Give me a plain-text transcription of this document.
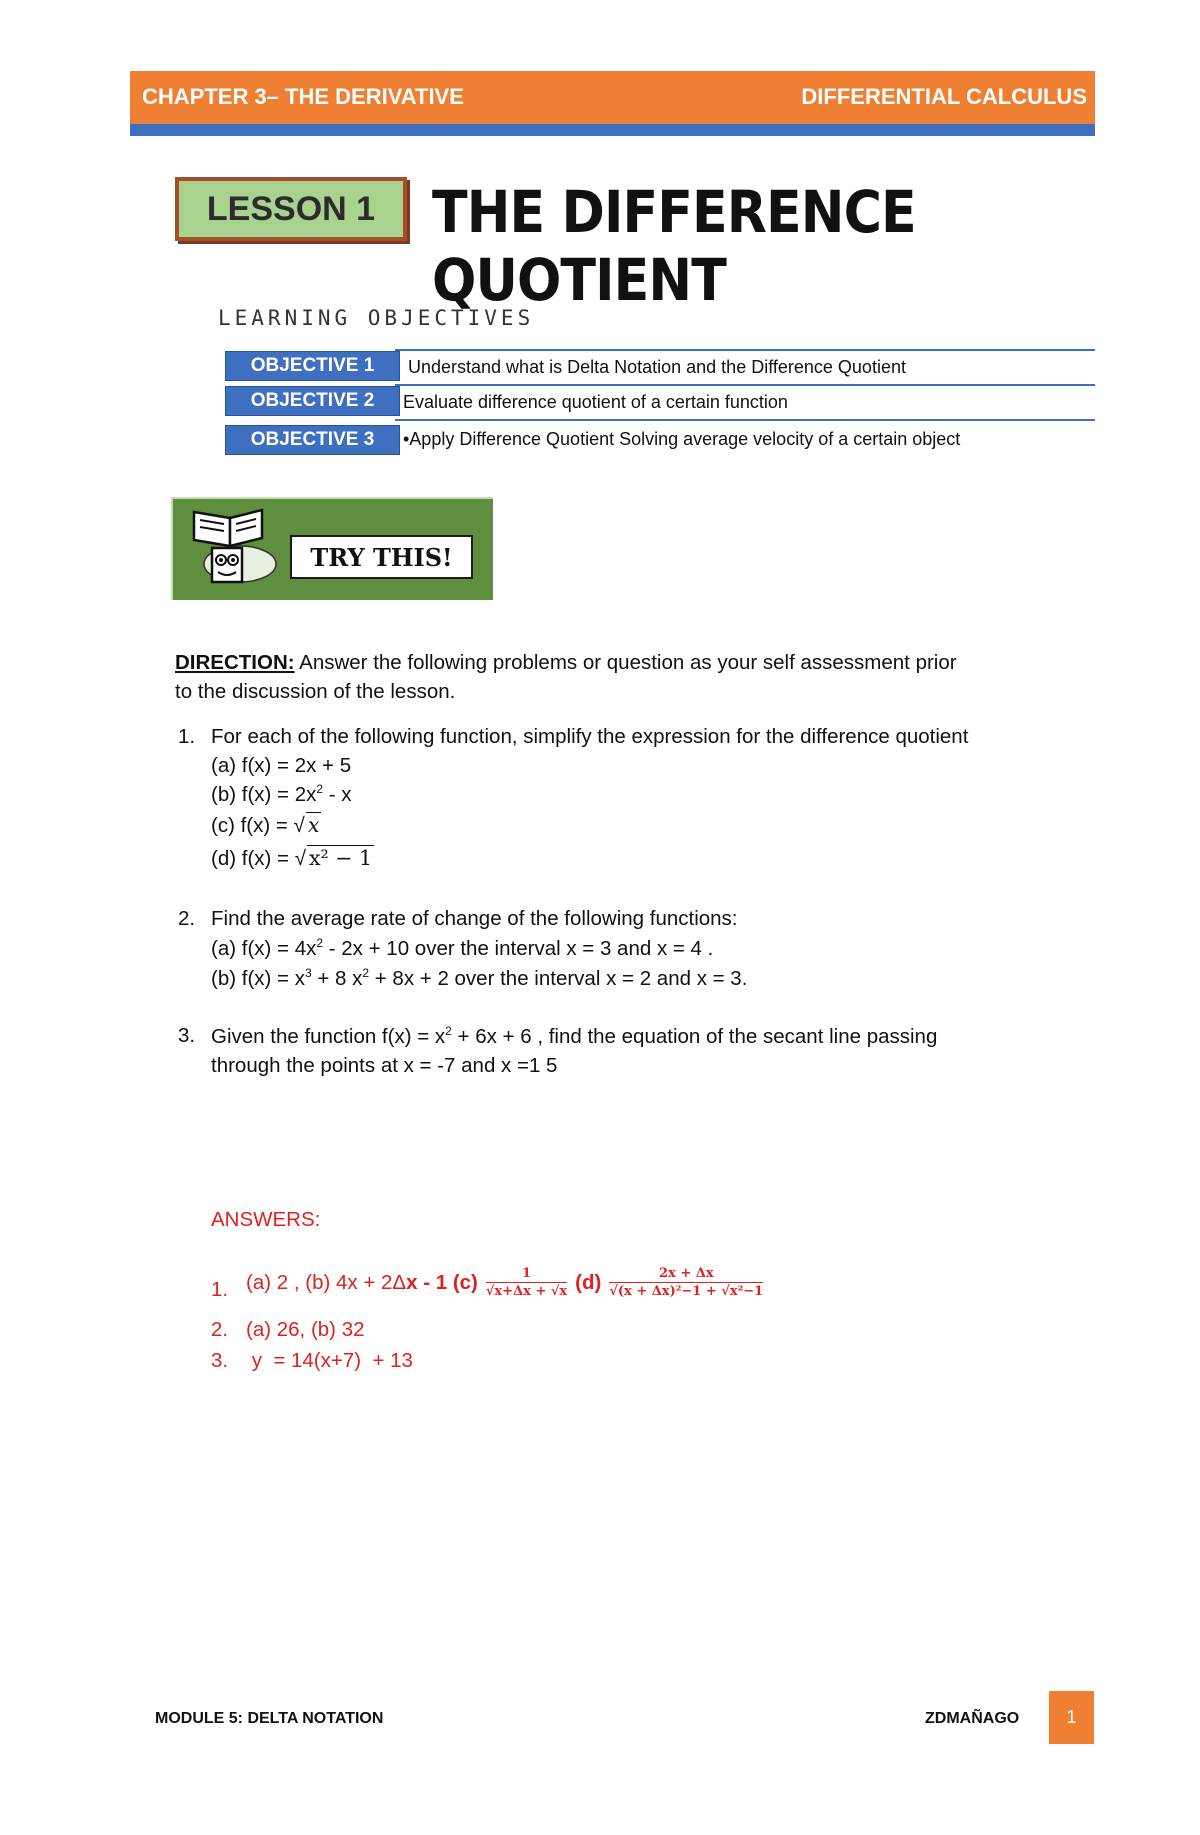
CHAPTER 3– THE DERIVATIVE	DIFFERENTIAL CALCULUS
LESSON 1 THE DIFFERENCE QUOTIENT
LEARNING OBJECTIVES
OBJECTIVE 1	Understand what is Delta Notation and the Difference Quotient
OBJECTIVE 2	Evaluate difference quotient of a certain function
OBJECTIVE 3	•Apply Difference Quotient Solving average velocity of a certain object
TRY THIS!
DIRECTION: Answer the following problems or question as your self assessment prior
to the discussion of the lesson.
1. For each of the following function, simplify the expression for the difference quotient
(a) f(x) = 2x + 5
(b) $f(x) = 2x^2 - x$
(c) f(x) = √ x
(d) f(x) = √ x² − 1
2. Find the average rate of change of the following functions:
(a) $f(x) = 4x^2 - 2x + 10$ over the interval x = 3 and x = 4 .
(b) $f(x) = x^3 + 8$ $x^2 + 8x + 2$ over the interval x = 2 and x = 3.
3. Given the function $f(x) = x^2 + 6x + 6$ , find the equation of the secant line passing
through the points at x = -7 and x =1 5
ANSWERS:
1. (a) 2 , (b) 4x + 2Δ x - 1 $(c) \frac{1}{√x+\Delta x + √x} (d) \frac{2x + \Delta x}{\text{√(x + Δx)²−1 + √x²−1}}$
2. (a) 26, (b) 32
3. y  = 14(x+7)  + 13
MODULE 5: DELTA NOTATION	ZDMAÑAGO	1
